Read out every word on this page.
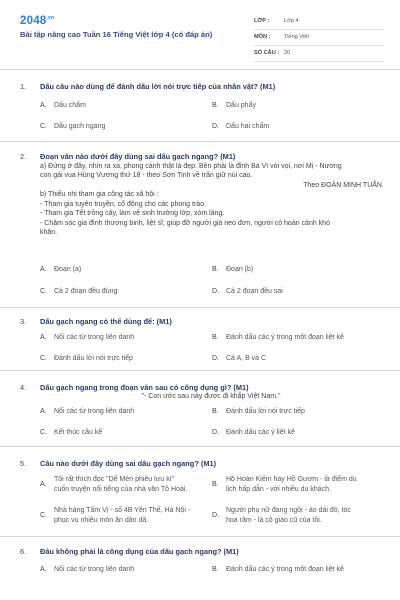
$2048^{.vn}$
Bài tập nâng cao Tuần 16 Tiếng Việt lớp 4 (có đáp án)
LỚP :	Lớp 4
MÔN :	Tiếng Việt
SỐ CÂU : 20
1. Dấu câu nào dùng để đánh dấu lời nói trực tiếp của nhân vật? (M1)
A.	Dấu chấm	B.	Dấu phẩy
C.	Dấu gạch ngang	D.	Dấu hai chấm
2. Đoạn văn nào dưới đây dùng sai dấu gạch ngang? (M1)
a) Đứng ở đây, nhìn ra xa, phong cảnh thật là đẹp. Bên phải là đỉnh Ba Vì vòi vọi, nơi Mị - Nương
con gái vua Hùng Vương thứ 18 - theo Sơn Tinh về trấn giữ núi cao.
Theo ĐOÀN MINH TUẤN
b) Thiếu nhi tham gia công tác xã hội :
- Tham gia tuyên truyền, cổ động cho các phong trào.
- Tham gia Tết trồng cây, làm vệ sinh trường lớp, xóm làng.
- Chăm sóc gia đình thương binh, liệt sĩ; giúp đỡ người già neo đơn, người có hoàn cảnh khó
khăn.
A.	Đoạn (a)	B.	Đoạn (b)
C.	Cả 2 đoạn đều đúng	D.	Cả 2 đoạn đều sai
3. Dấu gạch ngang có thể dùng để: (M1)
A.	Nối các từ trong liên danh	B.	Đánh dấu các ý trong một đoạn liệt kê
C.	Đánh dấu lời nói trực tiếp	D.	Cả A, B và C
4. Dấu gạch ngang trong đoạn văn sau có công dụng gì? (M1)
"- Con ước sau này được đi khắp Việt Nam."
A.	Nối các từ trong liên danh	B.	Đánh dấu lời nói trực tiếp
C.	Kết thúc câu kể	D.	Đánh dấu các ý liệt kê
5. Câu nào dưới đây dùng sai dấu gạch ngang? (M1)
A.
Tôi rất thích đọc "Dế Mèn phiêu lưu kí"
cuốn truyện nổi tiếng của nhà văn Tô Hoài.
B.
Hồ Hoàn Kiếm hay Hồ Gươm - là điểm du
lịch hấp dẫn - với nhiều du khách.
C.
Nhà hàng Tấm Vị - số 4B Yên Thế, Hà Nội -
phục vụ nhiều món ăn dân dã.
D.
Người phụ nữ đang ngồi - áo dài đỏ, tóc
hoa râm - là cô giáo cũ của tôi.
6. Đâu không phải là công dụng của dấu gạch ngang? (M1)
A.	Nối các từ trong liên danh	B.	Đánh dấu các ý trong một đoạn liệt kê
